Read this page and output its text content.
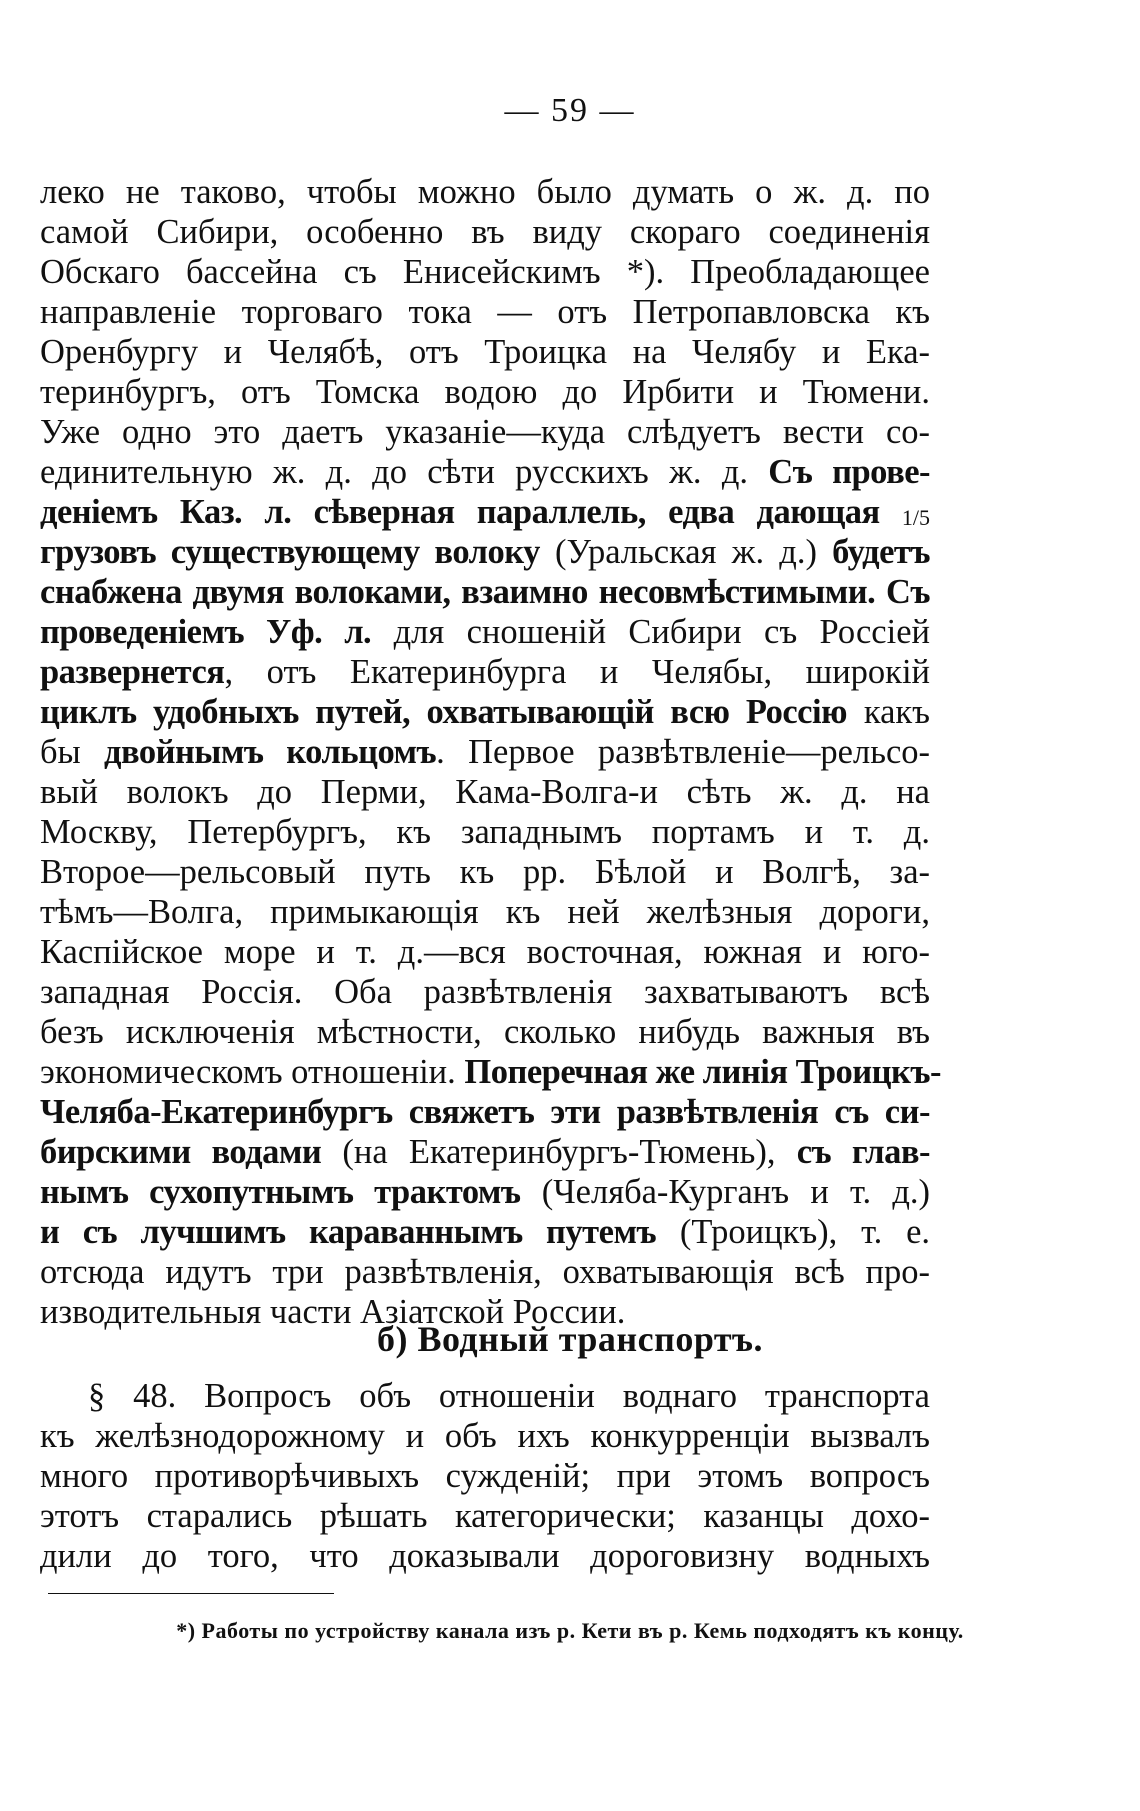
— 59 —
леко не таково, чтобы можно было думать о ж. д. по
самой Сибири, особенно въ виду скораго соединенія
Обскаго бассейна съ Енисейскимъ *). Преобладающее
направленіе торговаго тока — отъ Петропавловска къ
Оренбургу и Челябѣ, отъ Троицка на Челябу и Ека-
теринбургъ, отъ Томска водою до Ирбити и Тюмени.
Уже одно это даетъ указаніе—куда слѣдуетъ вести со-
единительную ж. д. до сѣти русскихъ ж. д. Съ прове-
деніемъ Каз. л. сѣверная параллель, едва дающая 1/5
грузовъ существующему волоку (Уральская ж. д.) будетъ
снабжена двумя волоками, взаимно несовмѣстимыми. Съ
проведеніемъ Уф. л. для сношеній Сибири съ Россіей
развернется, отъ Екатеринбурга и Челябы, широкій
циклъ удобныхъ путей, охватывающій всю Россію какъ
бы двойнымъ кольцомъ. Первое развѣтвленіе—рельсо-
вый волокъ до Перми, Кама-Волга-и сѣть ж. д. на
Москву, Петербургъ, къ западнымъ портамъ и т. д.
Второе—рельсовый путь къ рр. Бѣлой и Волгѣ, за-
тѣмъ—Волга, примыкающія къ ней желѣзныя дороги,
Каспійское море и т. д.—вся восточная, южная и юго-
западная Россія. Оба развѣтвленія захватываютъ всѣ
безъ исключенія мѣстности, сколько нибудь важныя въ
экономическомъ отношеніи. Поперечная же линія Троицкъ-
Челяба-Екатеринбургъ свяжетъ эти развѣтвленія съ си-
бирскими водами (на Екатеринбургъ-Тюмень), съ глав-
нымъ сухопутнымъ трактомъ (Челяба-Курганъ и т. д.)
и съ лучшимъ караваннымъ путемъ (Троицкъ), т. е.
отсюда идутъ три развѣтвленія, охватывающія всѣ про-
изводительныя части Азіатской России.
б) Водный транспортъ.
§ 48. Вопросъ объ отношеніи воднаго транспорта
къ желѣзнодорожному и объ ихъ конкурренціи вызвалъ
много противорѣчивыхъ сужденій; при этомъ вопросъ
этотъ старались рѣшать категорически; казанцы дохо-
дили до того, что доказывали дороговизну водныхъ
*) Работы по устройству канала изъ р. Кети въ р. Кемь подходятъ къ концу.
